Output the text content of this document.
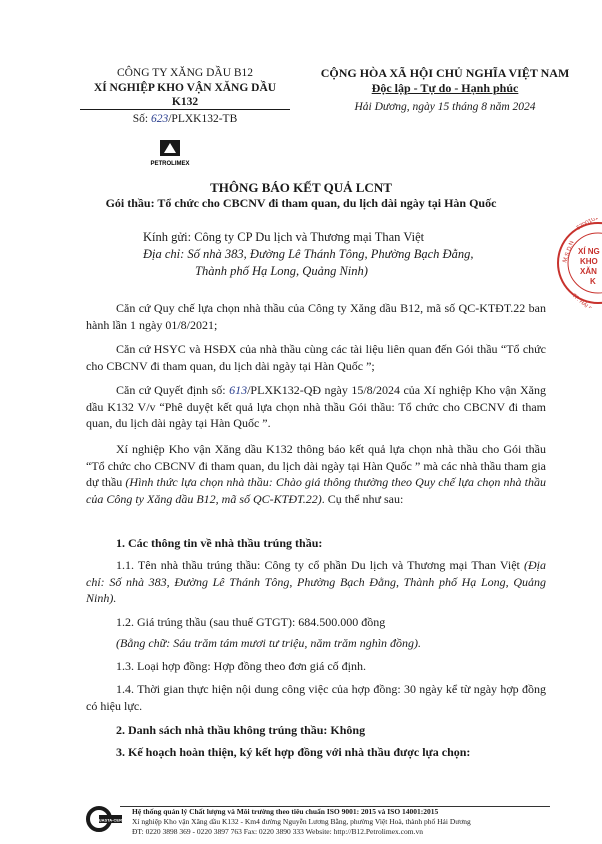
CÔNG TY XĂNG DẦU B12
XÍ NGHIỆP KHO VẬN XĂNG DẦU K132
Số: 623/PLXK132-TB
PETROLIMEX
CỘNG HÒA XÃ HỘI CHỦ NGHĨA VIỆT NAM
Độc lập - Tự do - Hạnh phúc
Hải Dương, ngày 15 tháng 8 năm 2024
THÔNG BÁO KẾT QUẢ LCNT
Gói thầu: Tổ chức cho CBCNV đi tham quan, du lịch dài ngày tại Hàn Quốc
Kính gửi: Công ty CP Du lịch và Thương mại Than Việt
Địa chỉ: Số nhà 383, Đường Lê Thánh Tông, Phường Bạch Đằng,
Thành phố Hạ Long, Quảng Ninh)
M.S.D.N
5700101
TP. HẢI DƯ
XÍ NG
KHO
XĂN
K
Căn cứ Quy chế lựa chọn nhà thầu của Công ty Xăng dầu B12, mã số QC-KTĐT.22 ban hành lần 1 ngày 01/8/2021;
Căn cứ HSYC và HSĐX của nhà thầu cùng các tài liệu liên quan đến Gói thầu “Tổ chức cho CBCNV đi tham quan, du lịch dài ngày tại Hàn Quốc ”;
Căn cứ Quyết định số: 613/PLXK132-QĐ ngày 15/8/2024 của Xí nghiệp Kho vận Xăng dầu K132 V/v “Phê duyệt kết quả lựa chọn nhà thầu Gói thầu: Tổ chức cho CBCNV đi tham quan, du lịch dài ngày tại Hàn Quốc ”.
Xí nghiệp Kho vận Xăng dầu K132 thông báo kết quả lựa chọn nhà thầu cho Gói thầu “Tổ chức cho CBCNV đi tham quan, du lịch dài ngày tại Hàn Quốc ” mà các nhà thầu tham gia dự thầu (Hình thức lựa chọn nhà thầu: Chào giá thông thường theo Quy chế lựa chọn nhà thầu của Công ty Xăng dầu B12, mã số QC-KTĐT.22). Cụ thể như sau:
1. Các thông tin về nhà thầu trúng thầu:
1.1. Tên nhà thầu trúng thầu: Công ty cổ phần Du lịch và Thương mại Than Việt (Địa chỉ: Số nhà 383, Đường Lê Thánh Tông, Phường Bạch Đằng, Thành phố Hạ Long, Quảng Ninh).
1.2. Giá trúng thầu (sau thuế GTGT): 684.500.000 đồng
(Bằng chữ: Sáu trăm tám mươi tư triệu, năm trăm nghìn đồng).
1.3. Loại hợp đồng: Hợp đồng theo đơn giá cố định.
1.4. Thời gian thực hiện nội dung công việc của hợp đồng: 30 ngày kể từ ngày hợp đồng có hiệu lực.
2. Danh sách nhà thầu không trúng thầu: Không
3. Kế hoạch hoàn thiện, ký kết hợp đồng với nhà thầu được lựa chọn:
QUASTA-CERT
Hệ thống quản lý Chất lượng và Môi trường theo tiêu chuẩn ISO 9001: 2015 và ISO 14001:2015
Xí nghiệp Kho vận Xăng dầu K132 - Km4 đường Nguyễn Lương Bằng, phường Việt Hoà, thành phố Hải Dương
ĐT: 0220 3898 369 - 0220 3897 763 Fax: 0220 3890 333 Website: http://B12.Petrolimex.com.vn
